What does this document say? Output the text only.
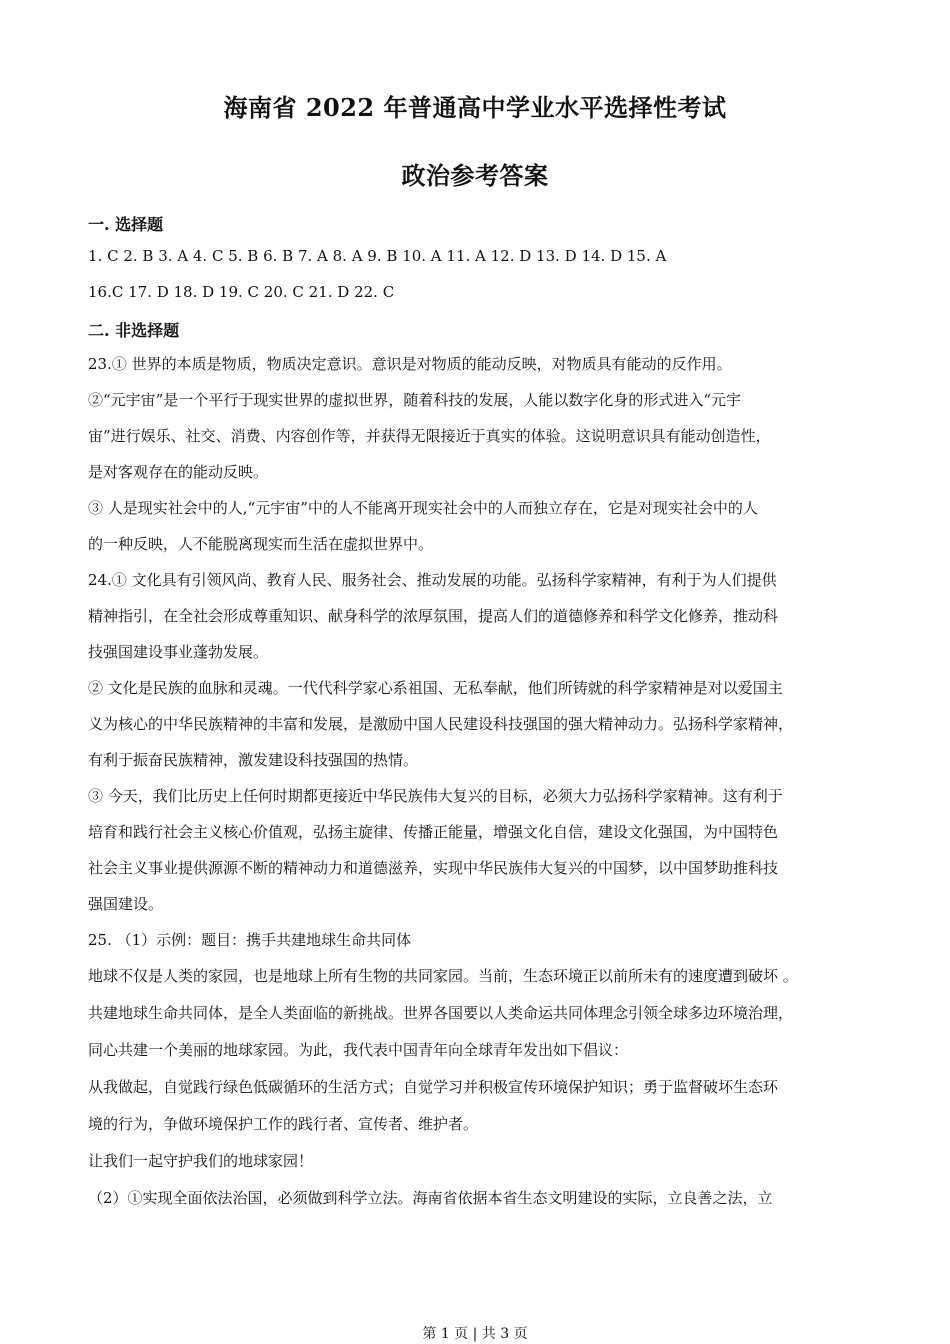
海南省 2022 年普通高中学业水平选择性考试
政治参考答案
一. 选择题
1. C 2. B 3. A 4. C 5. B 6. B 7. A 8. A 9. B 10. A 11. A 12. D 13. D 14. D 15. A
16.C 17. D 18. D 19. C 20. C 21. D 22. C
二. 非选择题
23.① 世界的本质是物质，物质决定意识。意识是对物质的能动反映，对物质具有能动的反作用。
②“元宇宙”是一个平行于现实世界的虚拟世界，随着科技的发展，人能以数字化身的形式进入“元宇
宙”进行娱乐、社交、消费、内容创作等，并获得无限接近于真实的体验。这说明意识具有能动创造性，
是对客观存在的能动反映。
③ 人是现实社会中的人,“元宇宙”中的人不能离开现实社会中的人而独立存在，它是对现实社会中的人
的一种反映，人不能脱离现实而生活在虚拟世界中。
24.① 文化具有引领风尚、教育人民、服务社会、推动发展的功能。弘扬科学家精神，有利于为人们提供
精神指引，在全社会形成尊重知识、献身科学的浓厚氛围，提高人们的道德修养和科学文化修养，推动科
技强国建设事业蓬勃发展。
② 文化是民族的血脉和灵魂。一代代科学家心系祖国、无私奉献，他们所铸就的科学家精神是对以爱国主
义为核心的中华民族精神的丰富和发展，是激励中国人民建设科技强国的强大精神动力。弘扬科学家精神，
有利于振奋民族精神，激发建设科技强国的热情。
③ 今天，我们比历史上任何时期都更接近中华民族伟大复兴的目标，必须大力弘扬科学家精神。这有利于
培育和践行社会主义核心价值观，弘扬主旋律、传播正能量，增强文化自信，建设文化强国，为中国特色
社会主义事业提供源源不断的精神动力和道德滋养，实现中华民族伟大复兴的中国梦，以中国梦助推科技
强国建设。
25. （1）示例：题目：携手共建地球生命共同体
地球不仅是人类的家园，也是地球上所有生物的共同家园。当前，生态环境正以前所未有的速度遭到破坏 。
共建地球生命共同体，是全人类面临的新挑战。世界各国要以人类命运共同体理念引领全球多边环境治理，
同心共建一个美丽的地球家园。为此，我代表中国青年向全球青年发出如下倡议：
从我做起，自觉践行绿色低碳循环的生活方式；自觉学习并积极宣传环境保护知识；勇于监督破坏生态环
境的行为，争做环境保护工作的践行者、宣传者、维护者。
让我们一起守护我们的地球家园！
（2）①实现全面依法治国，必须做到科学立法。海南省依据本省生态文明建设的实际，立良善之法，立
第 1 页 | 共 3 页
